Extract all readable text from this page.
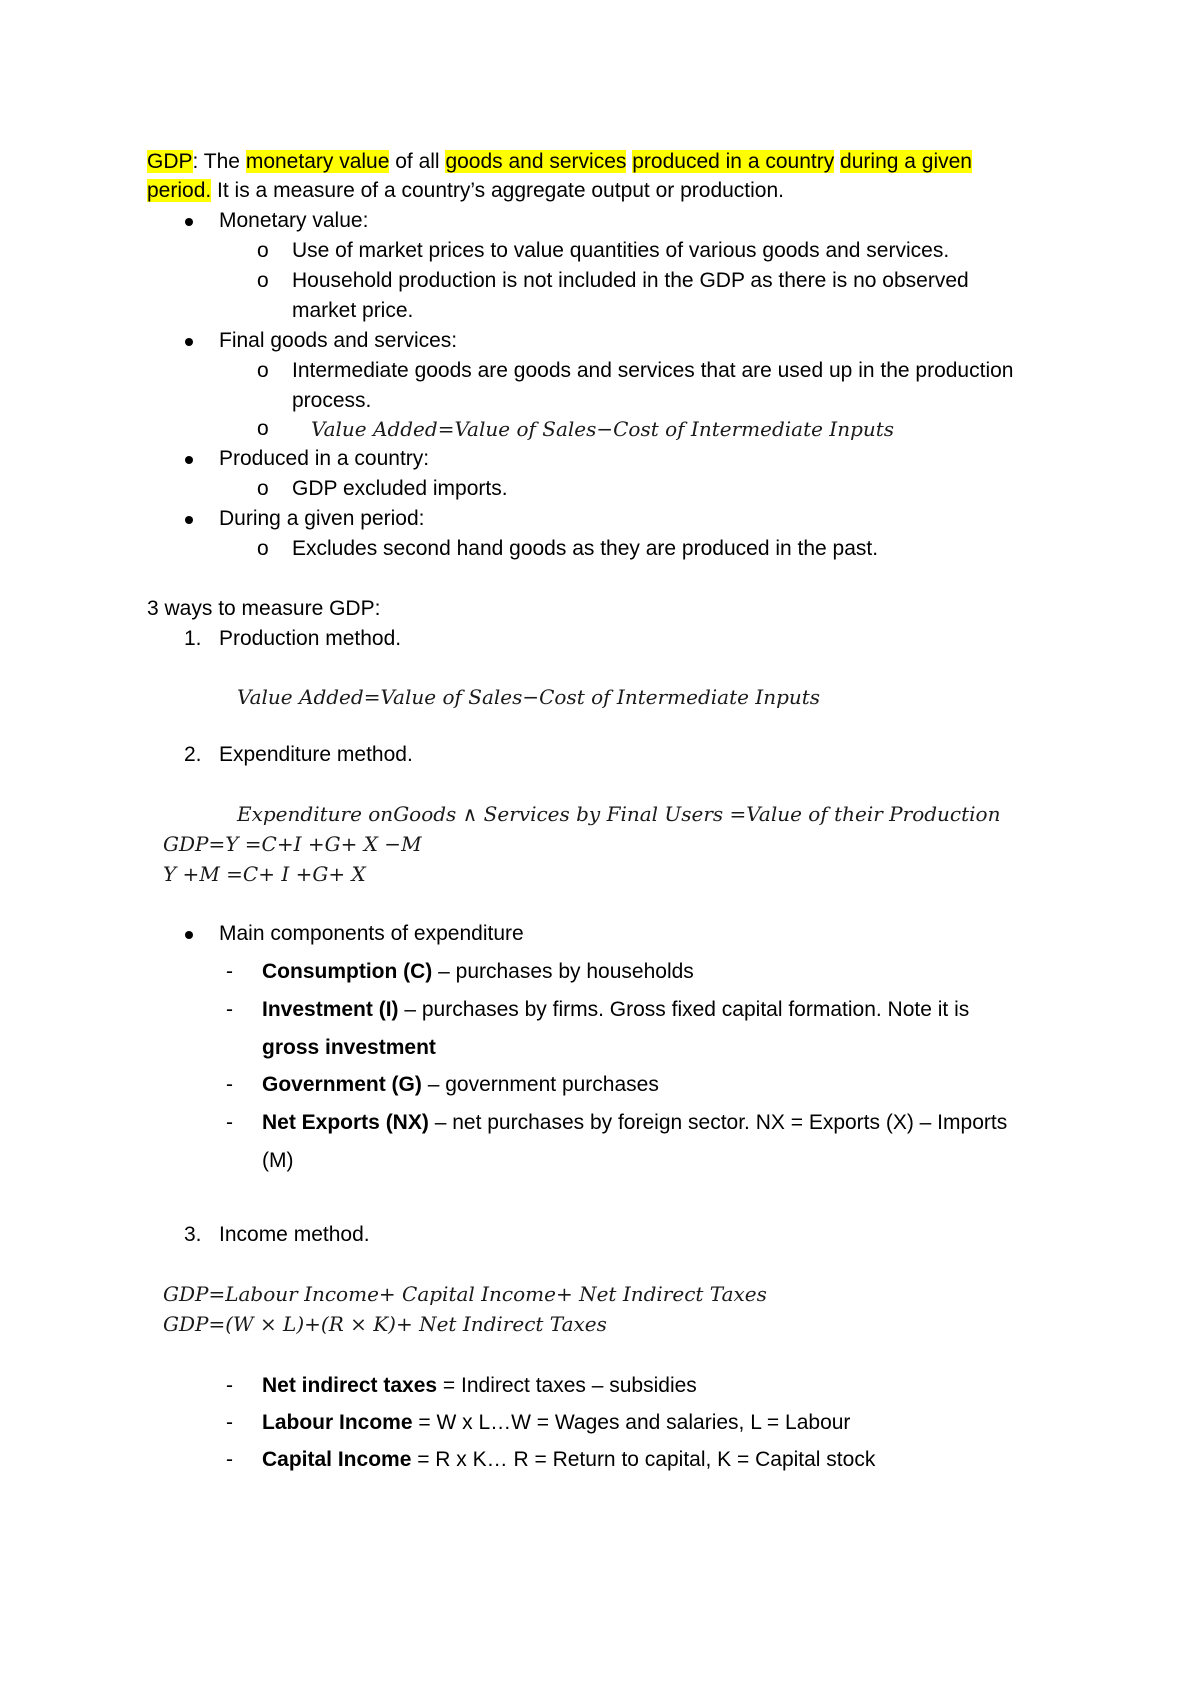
GDP: The monetary value of all goods and services produced in a country during a given
period. It is a measure of a country’s aggregate output or production.
Monetary value:
o Use of market prices to value quantities of various goods and services.
o Household production is not included in the GDP as there is no observed
market price.
Final goods and services:
o Intermediate goods are goods and services that are used up in the production
process.
o Value Added=Value of Sales−Cost of Intermediate Inputs
Produced in a country:
o GDP excluded imports.
During a given period:
o Excludes second hand goods as they are produced in the past.
3 ways to measure GDP:
1. Production method.
Value Added=Value of Sales−Cost of Intermediate Inputs
2. Expenditure method.
Expenditure onGoods ∧ Services by Final Users =Value of their Production
GDP=Y =C+I +G+ X −M
Y +M =C+ I +G+ X
Main components of expenditure
- Consumption (C) – purchases by households
- Investment (I) – purchases by firms. Gross fixed capital formation. Note it is
gross investment
- Government (G) – government purchases
- Net Exports (NX) – net purchases by foreign sector. NX = Exports (X) – Imports
(M)
3. Income method.
GDP=Labour Income+ Capital Income+ Net Indirect Taxes
GDP=(W × L)+(R × K)+ Net Indirect Taxes
- Net indirect taxes = Indirect taxes – subsidies
- Labour Income = W x L…W = Wages and salaries, L = Labour
- Capital Income = R x K… R = Return to capital, K = Capital stock
